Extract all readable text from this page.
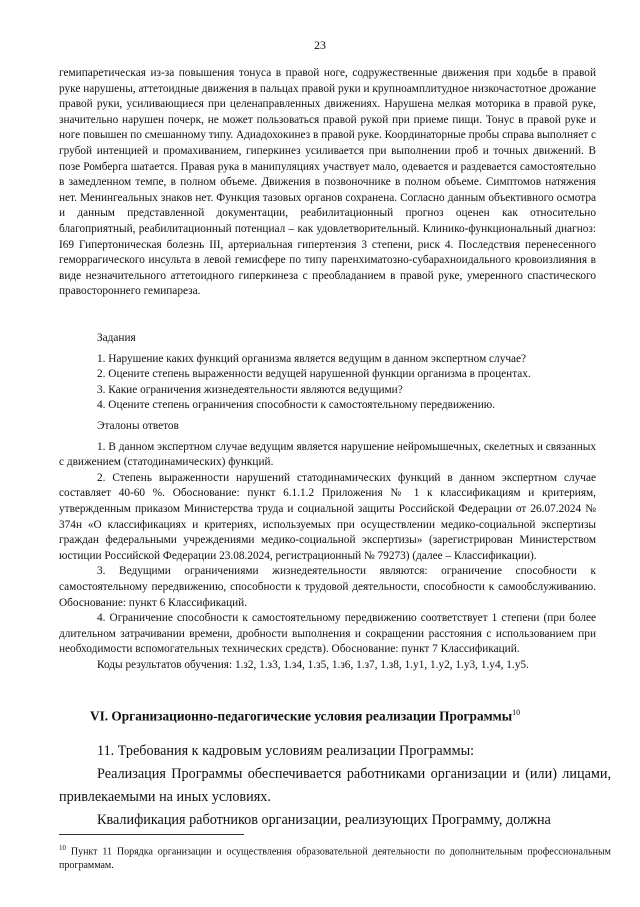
23

гемипаретическая из-за повышения тонуса в правой ноге, содружественные движения при ходьбе в правой руке нарушены, аттетоидные движения в пальцах правой руки и крупноамплитудное низкочастотное дрожание правой руки, усиливающиеся при целенаправленных движениях. Нарушена мелкая моторика в правой руке, значительно нарушен почерк, не может пользоваться правой рукой при приеме пищи. Тонус в правой руке и ноге повышен по смешанному типу. Адиадохокинез в правой руке. Координаторные пробы справа выполняет с грубой интенцией и промахиванием, гиперкинез усиливается при выполнении проб и точных движений. В позе Ромберга шатается. Правая рука в манипуляциях участвует мало, одевается и раздевается самостоятельно в замедленном темпе, в полном объеме. Движения в позвоночнике в полном объеме. Симптомов натяжения нет. Менингеальных знаков нет. Функция тазовых органов сохранена. Согласно данным объективного осмотра и данным представленной документации, реабилитационный прогноз оценен как относительно благоприятный, реабилитационный потенциал – как удовлетворительный. Клинико-функциональный диагноз: I69 Гипертоническая болезнь III, артериальная гипертензия 3 степени, риск 4. Последствия перенесенного геморрагического инсульта в левой гемисфере по типу паренхиматозно-субарахноидального кровоизлияния в виде незначительного аттетоидного гиперкинеза с преобладанием в правой руке, умеренного спастического правостороннего гемипареза.

Задания

1. Нарушение каких функций организма является ведущим в данном экспертном случае?

2. Оцените степень выраженности ведущей нарушенной функции организма в процентах.

3. Какие ограничения жизнедеятельности являются ведущими?

4. Оцените степень ограничения способности к самостоятельному передвижению.

Эталоны ответов

1. В данном экспертном случае ведущим является нарушение нейромышечных, скелетных и связанных с движением (статодинамических) функций.

2. Степень выраженности нарушений статодинамических функций в данном экспертном случае составляет 40-60 %. Обоснование: пункт 6.1.1.2 Приложения № 1 к классификациям и критериям, утвержденным приказом Министерства труда и социальной защиты Российской Федерации от 26.07.2024 № 374н «О классификациях и критериях, используемых при осуществлении медико-социальной экспертизы граждан федеральными учреждениями медико-социальной экспертизы» (зарегистрирован Министерством юстиции Российской Федерации 23.08.2024, регистрационный № 79273) (далее – Классификации).

3. Ведущими ограничениями жизнедеятельности являются: ограничение способности к самостоятельному передвижению, способности к трудовой деятельности, способности к самообслуживанию. Обоснование: пункт 6 Классификаций.

4. Ограничение способности к самостоятельному передвижению соответствует 1 степени (при более длительном затрачивании времени, дробности выполнения и сокращении расстояния с использованием при необходимости вспомогательных технических средств). Обоснование: пункт 7 Классификаций.

Коды результатов обучения: 1.з2, 1.з3, 1.з4, 1.з5, 1.з6, 1.з7, 1.з8, 1.у1, 1.у2, 1.у3, 1.у4, 1.у5.

VI. Организационно-педагогические условия реализации Программы$^{10}$

11. Требования к кадровым условиям реализации Программы:

Реализация Программы обеспечивается работниками организации и (или) лицами, привлекаемыми на иных условиях.

Квалификация работников организации, реализующих Программу, должна

$^{10}$ Пункт 11 Порядка организации и осуществления образовательной деятельности по дополнительным профессиональным программам.
